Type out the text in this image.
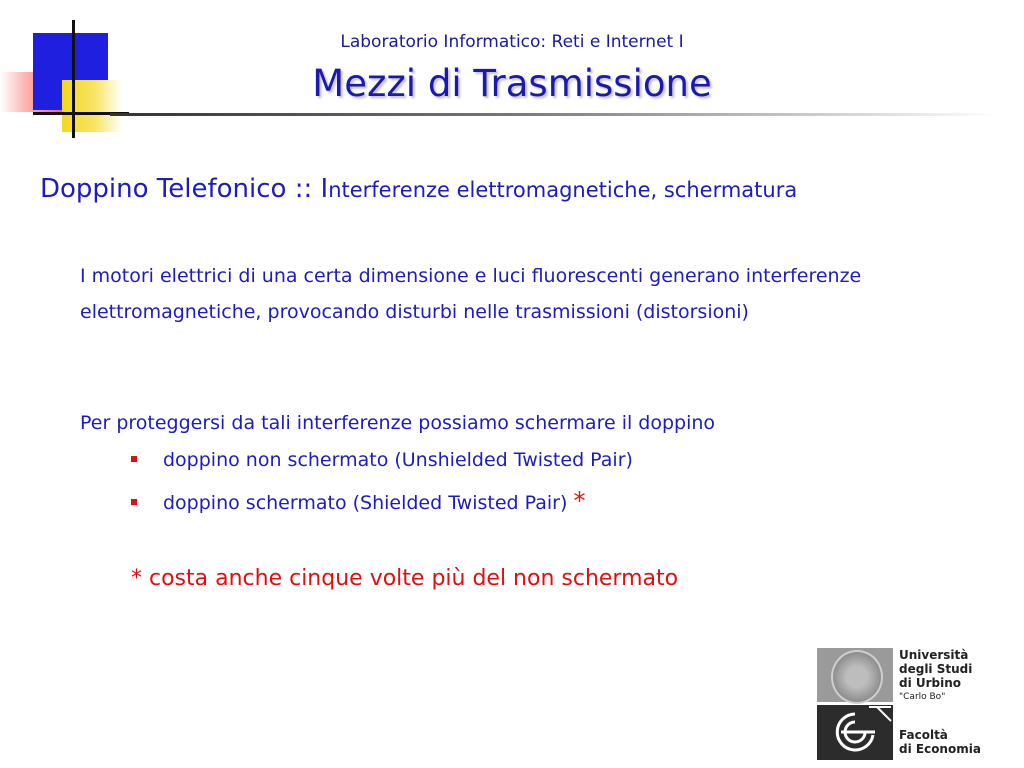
Laboratorio Informatico: Reti e Internet I
Mezzi di Trasmissione
Doppino Telefonico :: Interferenze elettromagnetiche, schermatura
I motori elettrici di una certa dimensione e luci fluorescenti generano interferenze elettromagnetiche, provocando disturbi nelle trasmissioni (distorsioni)
Per proteggersi da tali interferenze possiamo schermare il doppino
doppino non schermato (Unshielded Twisted Pair)
doppino schermato (Shielded Twisted Pair) *
* costa anche cinque volte più del non schermato
Università
degli Studi
di Urbino
"Carlo Bo"
Facoltà
di Economia
